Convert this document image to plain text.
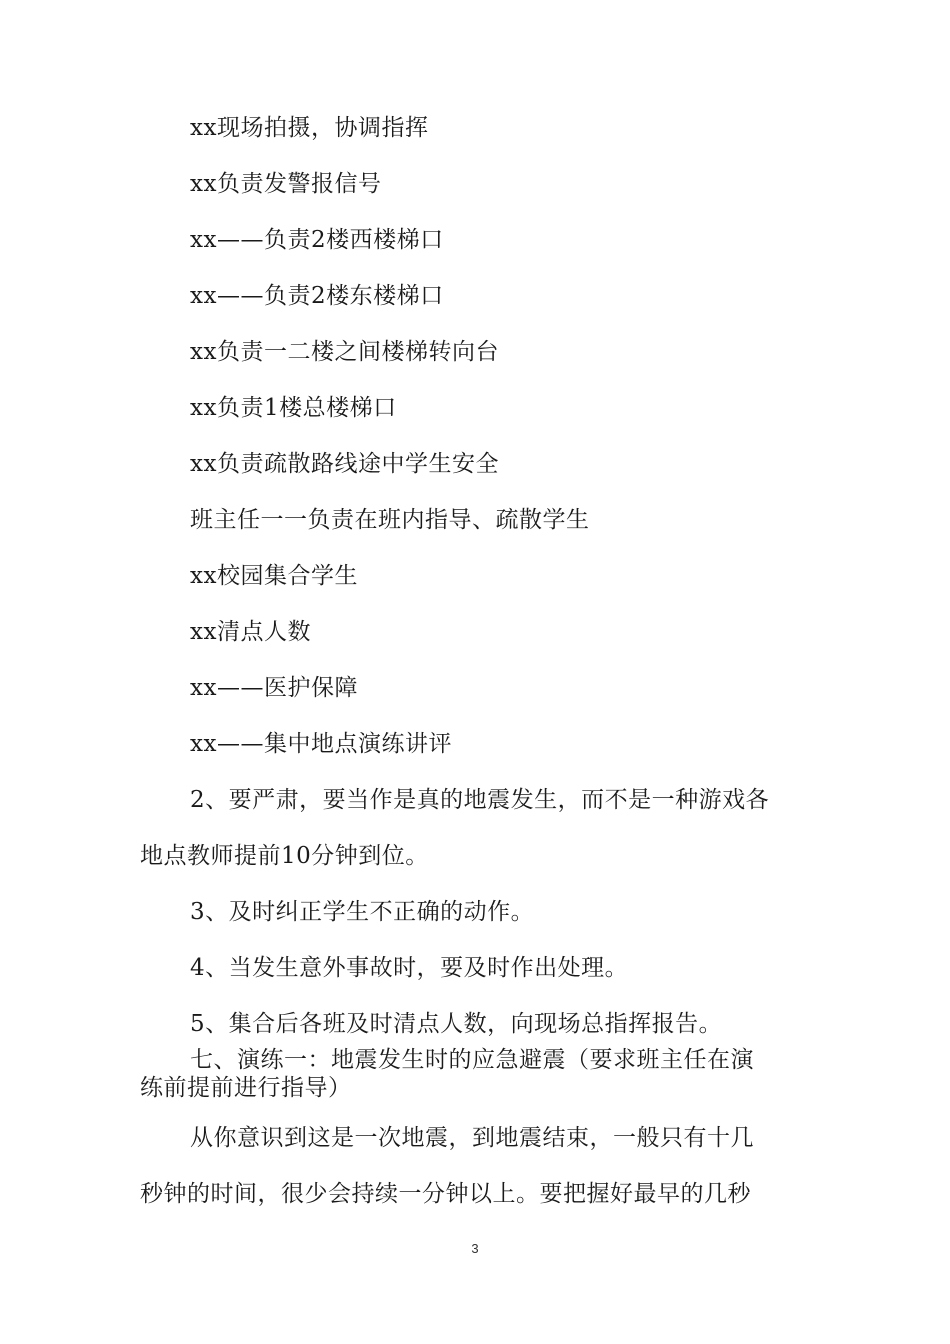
xx现场拍摄，协调指挥
xx负责发警报信号
xx——负责2楼西楼梯口
xx——负责2楼东楼梯口
xx负责一二楼之间楼梯转向台
xx负责1楼总楼梯口
xx负责疏散路线途中学生安全
班主任一一负责在班内指导、疏散学生
xx校园集合学生
xx清点人数
xx——医护保障
xx——集中地点演练讲评
2、要严肃，要当作是真的地震发生，而不是一种游戏各
地点教师提前10分钟到位。
3、及时纠正学生不正确的动作。
4、当发生意外事故时，要及时作出处理。
5、集合后各班及时清点人数，向现场总指挥报告。
七、演练一：地震发生时的应急避震（要求班主任在演
练前提前进行指导）
从你意识到这是一次地震，到地震结束，一般只有十几
秒钟的时间，很少会持续一分钟以上。要把握好最早的几秒
3
